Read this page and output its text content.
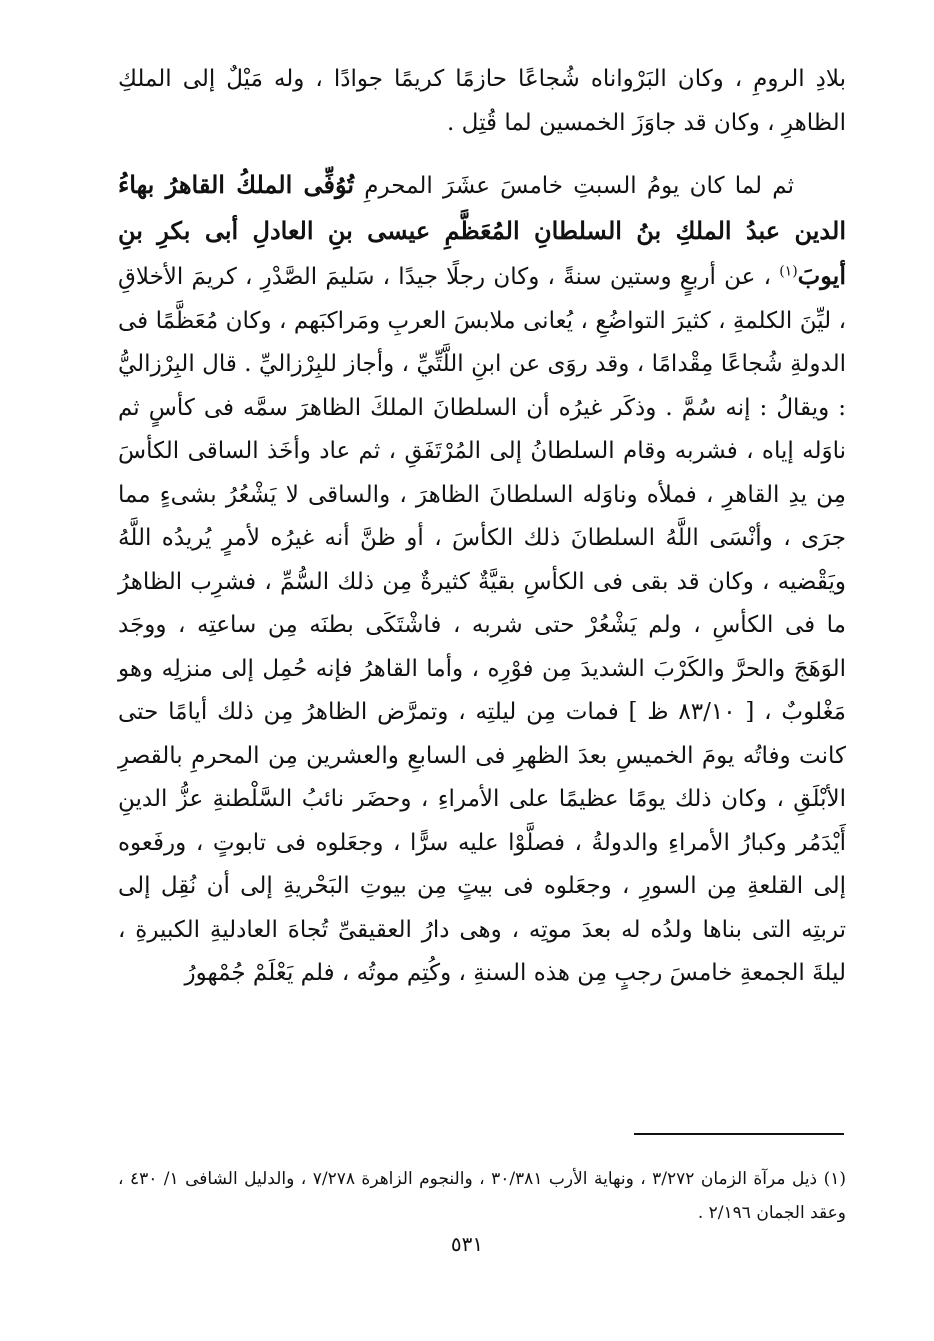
بلادِ الرومِ ، وكان البَرْواناه شُجاعًا حازمًا كريمًا جوادًا ، وله مَيْلٌ إلى الملكِ الظاهرِ ، وكان قد جاوَزَ الخمسين لما قُتِل .

ثم لما كان يومُ السبتِ خامسَ عشَرَ المحرمِ تُوُفِّى الملكُ القاهرُ بهاءُ الدين عبدُ الملكِ بنُ السلطانِ المُعَظَّمِ عيسى بنِ العادلِ أبى بكرِ بنِ أيوبَ$^{(١)}$ ، عن أربعٍ وستين سنةً ، وكان رجلًا جيدًا ، سَليمَ الصَّدْرِ ، كريمَ الأخلاقِ ، ليِّنَ الكلمةِ ، كثيرَ التواضُعِ ، يُعانى ملابسَ العربِ ومَراكبَهم ، وكان مُعَظَّمًا فى الدولةِ شُجاعًا مِقْدامًا ، وقد روَى عن ابنِ اللَّتِّيِّ ، وأجاز للبِرْزاليِّ . قال البِرْزاليُّ : ويقالُ : إنه سُمَّ . وذكَر غيرُه أن السلطانَ الملكَ الظاهرَ سمَّه فى كأسٍ ثم ناوَله إياه ، فشربه وقام السلطانُ إلى المُرْتَفَقِ ، ثم عاد وأخَذ الساقى الكأسَ مِن يدِ القاهرِ ، فملأه وناوَله السلطانَ الظاهرَ ، والساقى لا يَشْعُرُ بشىءٍ مما جرَى ، وأنْسَى اللَّهُ السلطانَ ذلك الكأسَ ، أو ظنَّ أنه غيرُه لأمرٍ يُريدُه اللَّهُ ويَقْضيه ، وكان قد بقى فى الكأسِ بقيَّةٌ كثيرةٌ مِن ذلك السُّمِّ ، فشرِب الظاهرُ ما فى الكأسِ ، ولم يَشْعُرْ حتى شربه ، فاشْتَكَى بطنَه مِن ساعتِه ، ووجَد الوَهَجَ والحرَّ والكَرْبَ الشديدَ مِن فوْرِه ، وأما القاهرُ فإنه حُمِل إلى منزلِه وهو مَغْلوبٌ ، [ ٨٣/١٠ ظ ] فمات مِن ليلتِه ، وتمرَّض الظاهرُ مِن ذلك أيامًا حتى كانت وفاتُه يومَ الخميسِ بعدَ الظهرِ فى السابعِ والعشرين مِن المحرمِ بالقصرِ الأبْلَقِ ، وكان ذلك يومًا عظيمًا على الأمراءِ ، وحضَر نائبُ السَّلْطنةِ عزُّ الدينِ أَيْدَمُر وكبارُ الأمراءِ والدولةُ ، فصلَّوْا عليه سرًّا ، وجعَلوه فى تابوتٍ ، ورفَعوه إلى القلعةِ مِن السورِ ، وجعَلوه فى بيتٍ مِن بيوتِ البَحْريةِ إلى أن نُقِل إلى تربتِه التى بناها ولدُه له بعدَ موتِه ، وهى دارُ العقيقىِّ تُجاهَ العادليةِ الكبيرةِ ، ليلةَ الجمعةِ خامسَ رجبٍ مِن هذه السنةِ ، وكُتِم موتُه ، فلم يَعْلَمْ جُمْهورُ

(١) ذيل مرآة الزمان ٣/٢٧٢ ، ونهاية الأرب ٣٠/٣٨١ ، والنجوم الزاهرة ٧/٢٧٨ ، والدليل الشافى ١/ ٤٣٠ ، وعقد الجمان ٢/١٩٦ .
٥٣١
